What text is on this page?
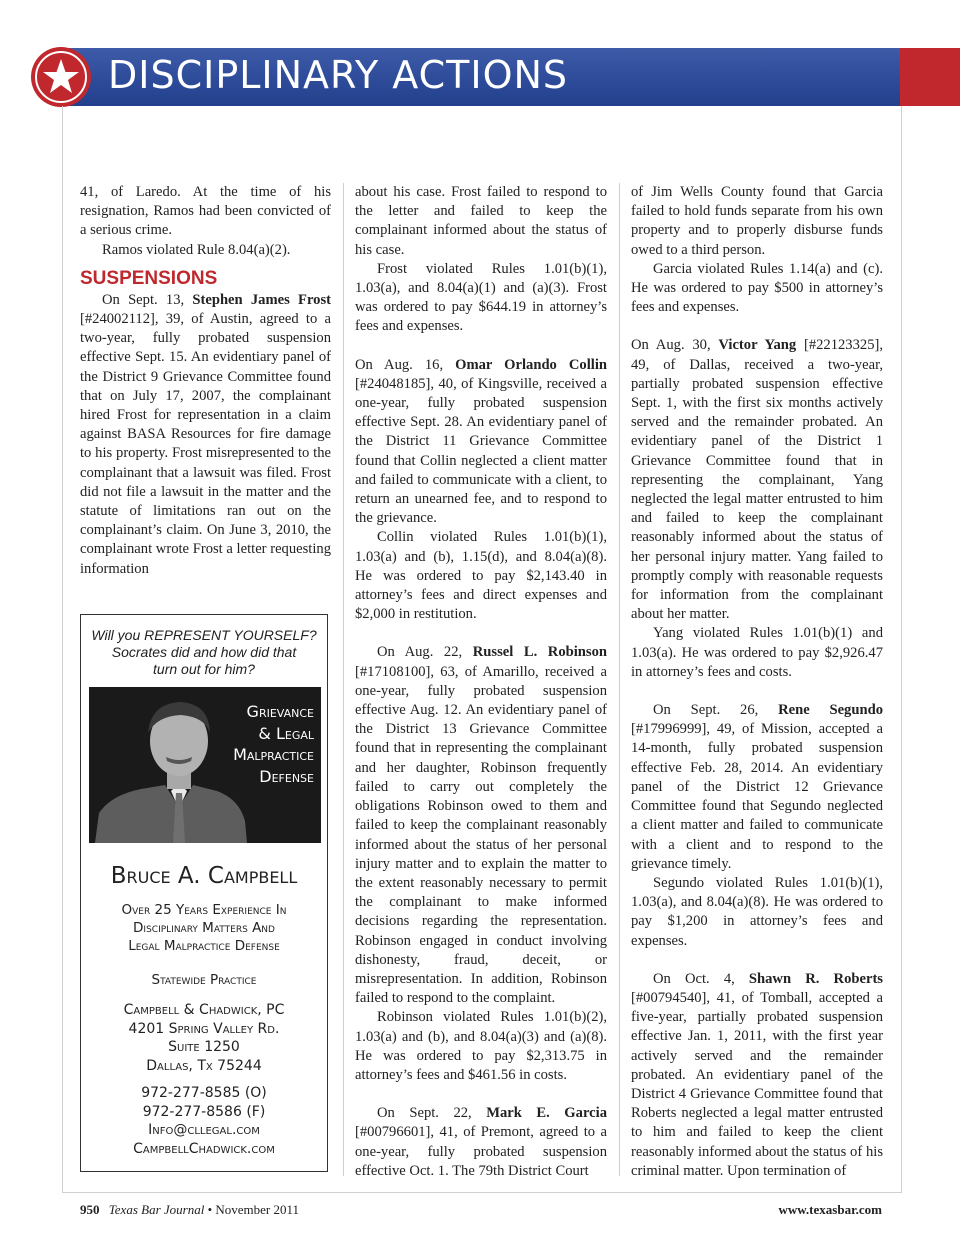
DISCIPLINARY ACTIONS

41, of Laredo. At the time of his resignation, Ramos had been convicted of a serious crime.

Ramos violated Rule 8.04(a)(2).

SUSPENSIONS

On Sept. 13, Stephen James Frost [#24002112], 39, of Austin, agreed to a two-year, fully probated suspension effective Sept. 15. An evidentiary panel of the District 9 Grievance Committee found that on July 17, 2007, the complainant hired Frost for representation in a claim against BASA Resources for fire damage to his property. Frost misrepresented to the complainant that a lawsuit was filed. Frost did not file a lawsuit in the matter and the statute of limitations ran out on the complainant’s claim. On June 3, 2010, the complainant wrote Frost a letter requesting information

Will you REPRESENT YOURSELF?
Socrates did and how did that
turn out for him?
Grievance
& Legal
Malpractice
Defense
Bruce A. Campbell
Over 25 Years Experience In
Disciplinary Matters And
Legal Malpractice Defense
Statewide Practice
Campbell & Chadwick, PC
4201 Spring Valley Rd.
Suite 1250
Dallas, Tx 75244
972-277-8585 (O)
972-277-8586 (F)
Info@cllegal.com
CampbellChadwick.com

about his case. Frost failed to respond to the letter and failed to keep the complainant informed about the status of his case.

Frost violated Rules 1.01(b)(1), 1.03(a), and 8.04(a)(1) and (a)(3). Frost was ordered to pay $644.19 in attorney’s fees and expenses.

On Aug. 16, Omar Orlando Collin [#24048185], 40, of Kingsville, received a one-year, fully probated suspension effective Sept. 28. An evidentiary panel of the District 11 Grievance Committee found that Collin neglected a client matter and failed to communicate with a client, to return an unearned fee, and to respond to the grievance.

Collin violated Rules 1.01(b)(1), 1.03(a) and (b), 1.15(d), and 8.04(a)(8). He was ordered to pay $2,143.40 in attorney’s fees and direct expenses and $2,000 in restitution.

On Aug. 22, Russel L. Robinson [#17108100], 63, of Amarillo, received a one-year, fully probated suspension effective Aug. 12. An evidentiary panel of the District 13 Grievance Committee found that in representing the complainant and her daughter, Robinson frequently failed to carry out completely the obligations Robinson owed to them and failed to keep the complainant reasonably informed about the status of her personal injury matter and to explain the matter to the extent reasonably necessary to permit the complainant to make informed decisions regarding the representation. Robinson engaged in conduct involving dishonesty, fraud, deceit, or misrepresentation. In addition, Robinson failed to respond to the complaint.

Robinson violated Rules 1.01(b)(2), 1.03(a) and (b), and 8.04(a)(3) and (a)(8). He was ordered to pay $2,313.75 in attorney’s fees and $461.56 in costs.

On Sept. 22, Mark E. Garcia [#00796601], 41, of Premont, agreed to a one-year, fully probated suspension effective Oct. 1. The 79th District Court

of Jim Wells County found that Garcia failed to hold funds separate from his own property and to properly disburse funds owed to a third person.

Garcia violated Rules 1.14(a) and (c). He was ordered to pay $500 in attorney’s fees and expenses.

On Aug. 30, Victor Yang [#22123325], 49, of Dallas, received a two-year, partially probated suspension effective Sept. 1, with the first six months actively served and the remainder probated. An evidentiary panel of the District 1 Grievance Committee found that in representing the complainant, Yang neglected the legal matter entrusted to him and failed to keep the complainant reasonably informed about the status of her personal injury matter. Yang failed to promptly comply with reasonable requests for information from the complainant about her matter.

Yang violated Rules 1.01(b)(1) and 1.03(a). He was ordered to pay $2,926.47 in attorney’s fees and costs.

On Sept. 26, Rene Segundo [#17996999], 49, of Mission, accepted a 14-month, fully probated suspension effective Feb. 28, 2014. An evidentiary panel of the District 12 Grievance Committee found that Segundo neglected a client matter and failed to communicate with a client and to respond to the grievance timely.

Segundo violated Rules 1.01(b)(1), 1.03(a), and 8.04(a)(8). He was ordered to pay $1,200 in attorney’s fees and expenses.

On Oct. 4, Shawn R. Roberts [#00794540], 41, of Tomball, accepted a five-year, partially probated suspension effective Jan. 1, 2011, with the first year actively served and the remainder probated. An evidentiary panel of the District 4 Grievance Committee found that Roberts neglected a legal matter entrusted to him and failed to keep the client reasonably informed about the status of his criminal matter. Upon termination of

950 Texas Bar Journal • November 2011	www.texasbar.com
